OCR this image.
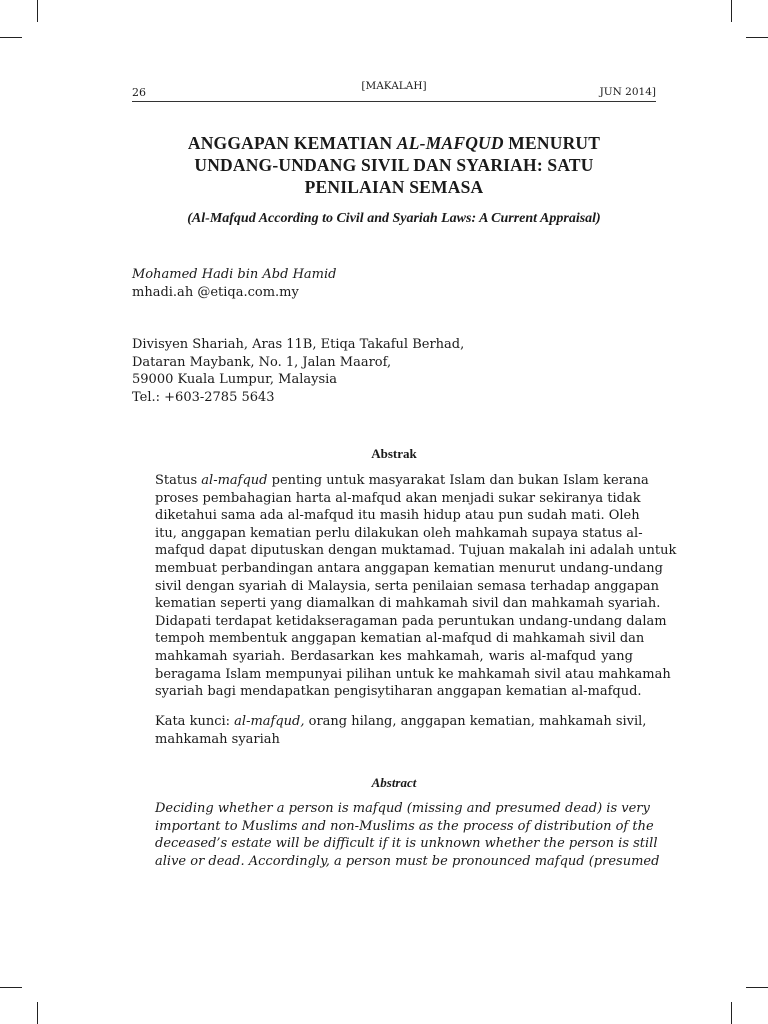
26	[MAKALAH]	JUN 2014]
ANGGAPAN KEMATIAN AL-MAFQUD MENURUT
UNDANG-UNDANG SIVIL DAN SYARIAH: SATU
PENILAIAN SEMASA
(Al-Mafqud According to Civil and Syariah Laws: A Current Appraisal)
Mohamed Hadi bin Abd Hamid
mhadi.ah @etiqa.com.my
Divisyen Shariah, Aras 11B, Etiqa Takaful Berhad,
Dataran Maybank, No. 1, Jalan Maarof,
59000 Kuala Lumpur, Malaysia
Tel.: +603-2785 5643
Abstrak
Status al-mafqud penting untuk masyarakat Islam dan bukan Islam kerana
proses pembahagian harta al-mafqud akan menjadi sukar sekiranya tidak
diketahui sama ada al-mafqud itu masih hidup atau pun sudah mati. Oleh
itu, anggapan kematian perlu dilakukan oleh mahkamah supaya status al-
mafqud dapat diputuskan dengan muktamad. Tujuan makalah ini adalah untuk
membuat perbandingan antara anggapan kematian menurut undang-undang
sivil dengan syariah di Malaysia, serta penilaian semasa terhadap anggapan
kematian seperti yang diamalkan di mahkamah sivil dan mahkamah syariah.
Didapati terdapat ketidakseragaman pada peruntukan undang-undang dalam
tempoh membentuk anggapan kematian al-mafqud di mahkamah sivil dan
mahkamah syariah. Berdasarkan kes mahkamah, waris al-mafqud yang
beragama Islam mempunyai pilihan untuk ke mahkamah sivil atau mahkamah
syariah bagi mendapatkan pengisytiharan anggapan kematian al-mafqud.
Kata kunci: al-mafqud, orang hilang, anggapan kematian, mahkamah sivil,
mahkamah syariah
Abstract
Deciding whether a person is mafqud (missing and presumed dead) is very
important to Muslims and non-Muslims as the process of distribution of the
deceased’s estate will be difficult if it is unknown whether the person is still
alive or dead. Accordingly, a person must be pronounced mafqud (presumed
